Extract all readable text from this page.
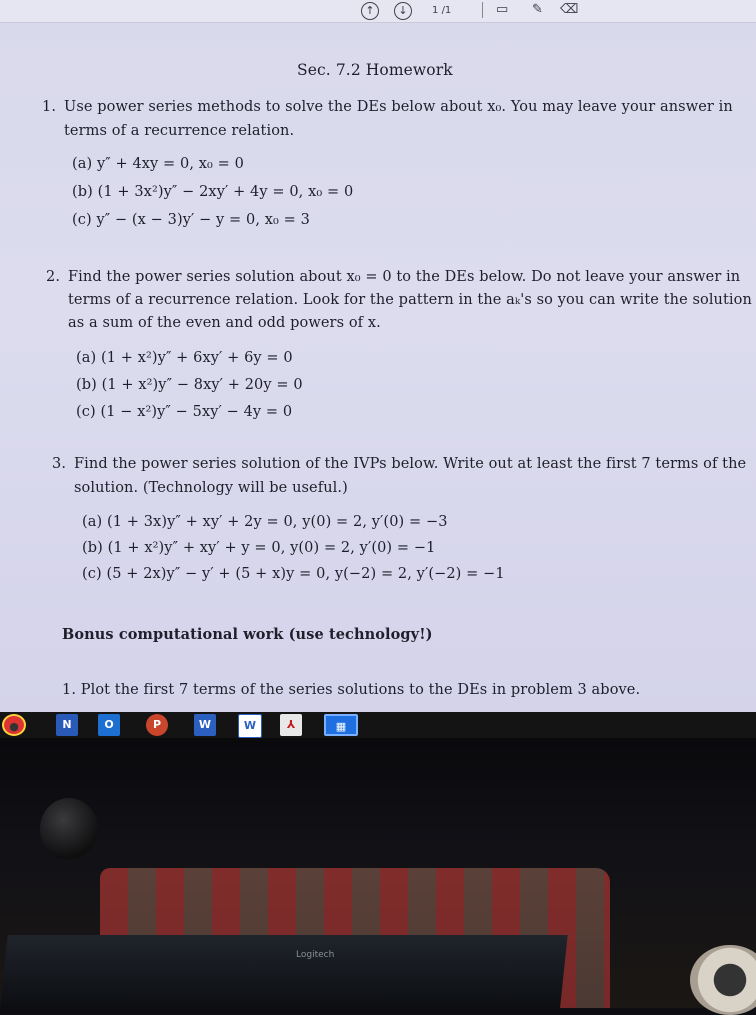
↑	↓	1 /1	▭ ✎ ⌫
Sec. 7.2 Homework
1. Use power series methods to solve the DEs below about x₀. You may leave your answer in
terms of a recurrence relation.
(a) y″ + 4xy = 0, x₀ = 0
(b) (1 + 3x²)y″ − 2xy′ + 4y = 0, x₀ = 0
(c) y″ − (x − 3)y′ − y = 0, x₀ = 3
2. Find the power series solution about x₀ = 0 to the DEs below. Do not leave your answer in
terms of a recurrence relation. Look for the pattern in the aₖ's so you can write the solution
as a sum of the even and odd powers of x.
(a) (1 + x²)y″ + 6xy′ + 6y = 0
(b) (1 + x²)y″ − 8xy′ + 20y = 0
(c) (1 − x²)y″ − 5xy′ − 4y = 0
3. Find the power series solution of the IVPs below. Write out at least the first 7 terms of the
solution. (Technology will be useful.)
(a) (1 + 3x)y″ + xy′ + 2y = 0, y(0) = 2, y′(0) = −3
(b) (1 + x²)y″ + xy′ + y = 0, y(0) = 2, y′(0) = −1
(c) (5 + 2x)y″ − y′ + (5 + x)y = 0, y(−2) = 2, y′(−2) = −1
Bonus computational work (use technology!)
1. Plot the first 7 terms of the series solutions to the DEs in problem 3 above.
●	N	O	P	W	W	⅄	▦
Logitech
